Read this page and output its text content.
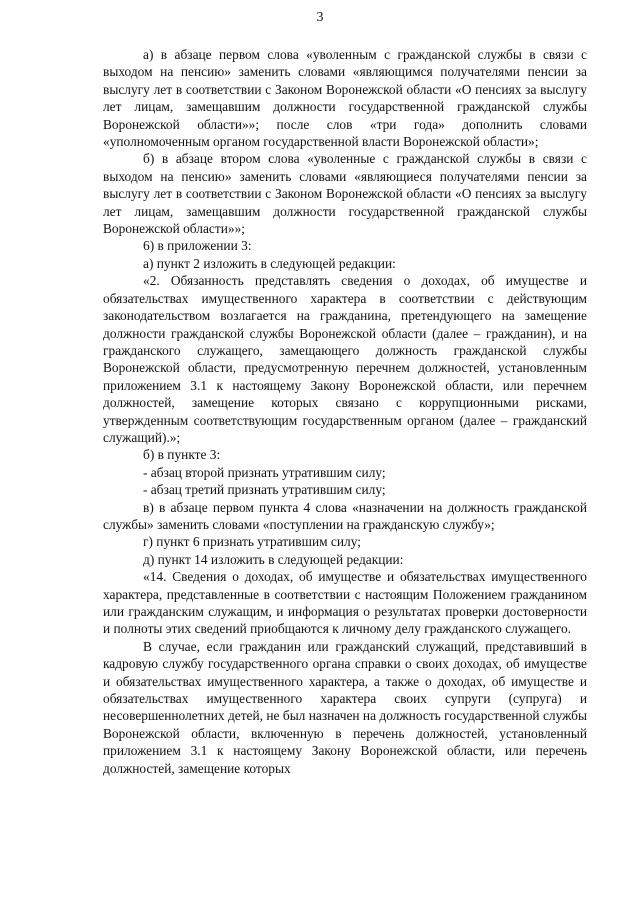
3

а) в абзаце первом слова «уволенным с гражданской службы в связи с выходом на пенсию» заменить словами «являющимся получателями пенсии за выслугу лет в соответствии с Законом Воронежской области «О пенсиях за выслугу лет лицам, замещавшим должности государственной гражданской службы Воронежской области»»; после слов «три года» дополнить словами «уполномоченным органом государственной власти Воронежской области»;

б) в абзаце втором слова «уволенные с гражданской службы в связи с выходом на пенсию» заменить словами «являющиеся получателями пенсии за выслугу лет в соответствии с Законом Воронежской области «О пенсиях за выслугу лет лицам, замещавшим должности государственной гражданской службы Воронежской области»»;

6) в приложении 3:

а) пункт 2 изложить в следующей редакции:

«2. Обязанность представлять сведения о доходах, об имуществе и обязательствах имущественного характера в соответствии с действующим законодательством возлагается на гражданина, претендующего на замещение должности гражданской службы Воронежской области (далее – гражданин), и на гражданского служащего, замещающего должность гражданской службы Воронежской области, предусмотренную перечнем должностей, установленным приложением 3.1 к настоящему Закону Воронежской области, или перечнем должностей, замещение которых связано с коррупционными рисками, утвержденным соответствующим государственным органом (далее – гражданский служащий).»;

б) в пункте 3:

- абзац второй признать утратившим силу;

- абзац третий признать утратившим силу;

в) в абзаце первом пункта 4 слова «назначении на должность гражданской службы» заменить словами «поступлении на гражданскую службу»;

г) пункт 6 признать утратившим силу;

д) пункт 14 изложить в следующей редакции:

«14. Сведения о доходах, об имуществе и обязательствах имущественного характера, представленные в соответствии с настоящим Положением гражданином или гражданским служащим, и информация о результатах проверки достоверности и полноты этих сведений приобщаются к личному делу гражданского служащего.

В случае, если гражданин или гражданский служащий, представивший в кадровую службу государственного органа справки о своих доходах, об имуществе и обязательствах имущественного характера, а также о доходах, об имуществе и обязательствах имущественного характера своих супруги (супруга) и несовершеннолетних детей, не был назначен на должность государственной службы Воронежской области, включенную в перечень должностей, установленный приложением 3.1 к настоящему Закону Воронежской области, или перечень должностей, замещение которых
